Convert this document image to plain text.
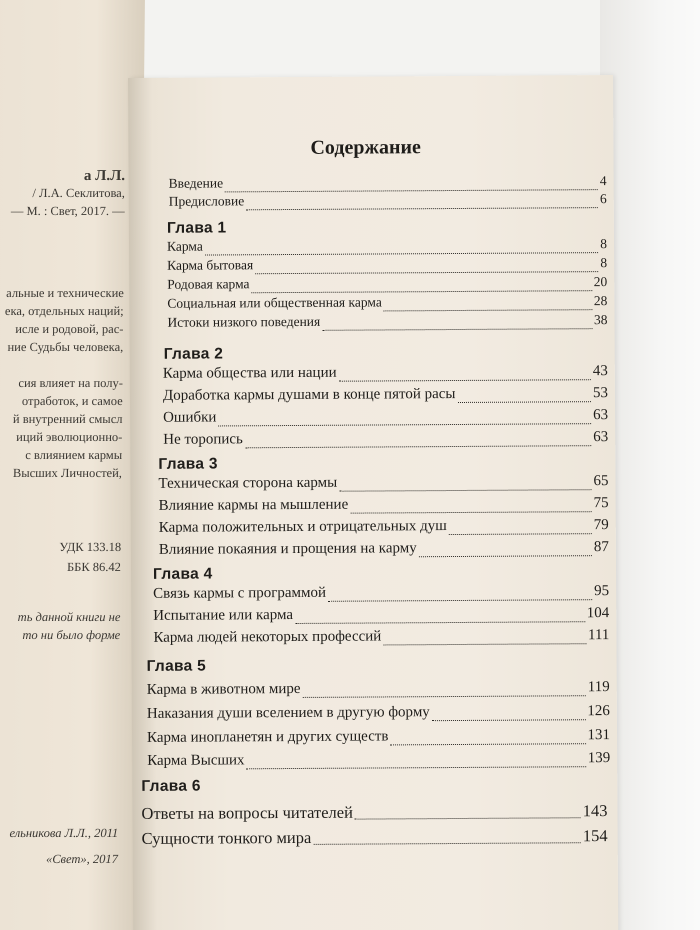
а Л.Л.
/ Л.А. Секлитова,
— М. : Свет, 2017. —
альные и технические
ека, отдельных наций;
исле и родовой, рас-
ние Судьбы человека,
сия влияет на полу-
отработок, и самое
й внутренний смысл
иций эволюционно-
с влиянием кармы
Высших Личностей,
УДК 133.18
ББК 86.42
ть данной книги не
то ни было форме
ельникова Л.Л., 2011
«Свет», 2017
Содержание
Введение	4
Предисловие	6
Глава 1
Карма	8
Карма бытовая	8
Родовая карма	20
Социальная или общественная карма	28
Истоки низкого поведения	38
Глава 2
Карма общества или нации	43
Доработка кармы душами в конце пятой расы	53
Ошибки	63
Не торопись	63
Глава 3
Техническая сторона кармы	65
Влияние кармы на мышление	75
Карма положительных и отрицательных душ	79
Влияние покаяния и прощения на карму	87
Глава 4
Связь кармы с программой	95
Испытание или карма	104
Карма людей некоторых профессий	111
Глава 5
Карма в животном мире	119
Наказания души вселением в другую форму	126
Карма инопланетян и других существ	131
Карма Высших	139
Глава 6
Ответы на вопросы читателей	143
Сущности тонкого мира	154
